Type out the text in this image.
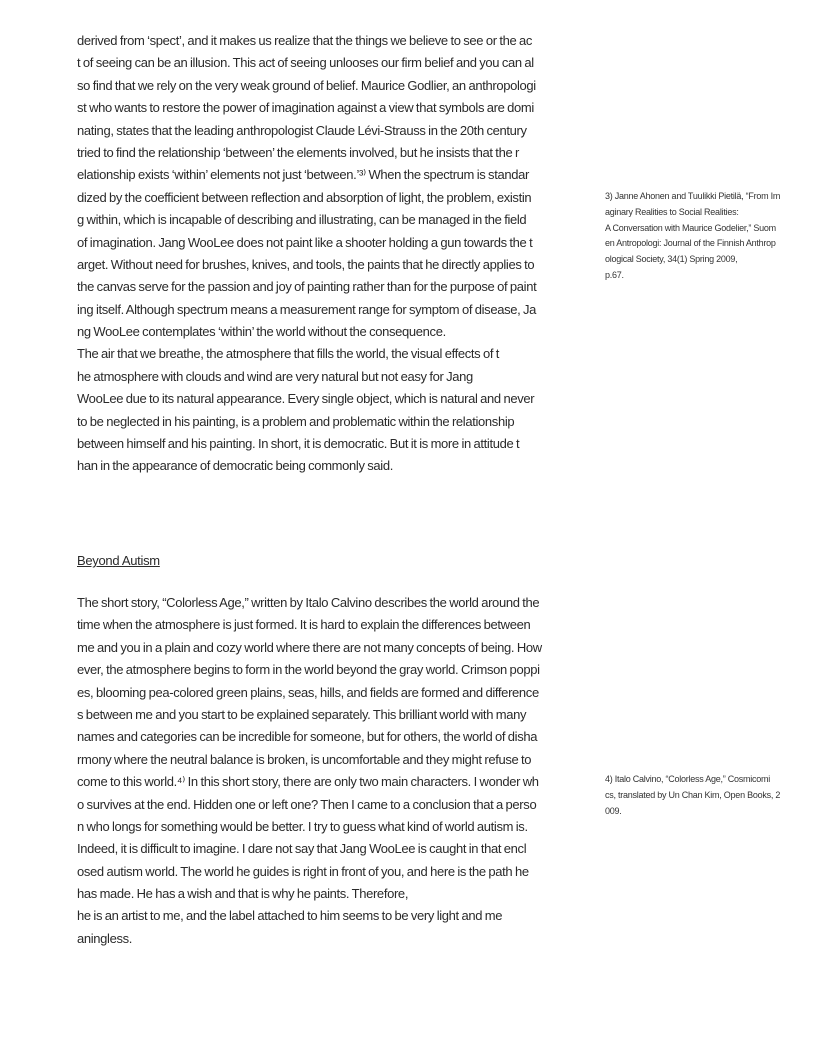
derived from ‘spect’, and it makes us realize that the things we believe to see or the ac
t of seeing can be an illusion. This act of seeing unlooses our firm belief and you can al
so find that we rely on the very weak ground of belief. Maurice Godlier, an anthropologi
st who wants to restore the power of imagination against a view that symbols are domi
nating, states that the leading anthropologist Claude Lévi-Strauss in the 20th century
tried to find the relationship ‘between’ the elements involved, but he insists that the r
elationship exists ‘within’ elements not just ‘between.’³⁾ When the spectrum is standar
dized by the coefficient between reflection and absorption of light, the problem, existin
g within, which is incapable of describing and illustrating, can be managed in the field
of imagination. Jang WooLee does not paint like a shooter holding a gun towards the t
arget. Without need for brushes, knives, and tools, the paints that he directly applies to
the canvas serve for the passion and joy of painting rather than for the purpose of paint
ing itself. Although spectrum means a measurement range for symptom of disease, Ja
ng WooLee contemplates ‘within’ the world without the consequence.
The air that we breathe, the atmosphere that fills the world, the visual effects of t
he atmosphere with clouds and wind are very natural but not easy for Jang
WooLee due to its natural appearance. Every single object, which is natural and never
to be neglected in his painting, is a problem and problematic within the relationship
between himself and his painting. In short, it is democratic. But it is more in attitude t
han in the appearance of democratic being commonly said.
Beyond Autism
The short story, “Colorless Age,” written by Italo Calvino describes the world around the
time when the atmosphere is just formed. It is hard to explain the differences between
me and you in a plain and cozy world where there are not many concepts of being. How
ever, the atmosphere begins to form in the world beyond the gray world. Crimson poppi
es, blooming pea-colored green plains, seas, hills, and fields are formed and difference
s between me and you start to be explained separately. This brilliant world with many
names and categories can be incredible for someone, but for others, the world of disha
rmony where the neutral balance is broken, is uncomfortable and they might refuse to
come to this world.⁴⁾ In this short story, there are only two main characters. I wonder wh
o survives at the end. Hidden one or left one? Then I came to a conclusion that a perso
n who longs for something would be better. I try to guess what kind of world autism is.
Indeed, it is difficult to imagine. I dare not say that Jang WooLee is caught in that encl
osed autism world. The world he guides is right in front of you, and here is the path he
has made. He has a wish and that is why he paints. Therefore,
he is an artist to me, and the label attached to him seems to be very light and me
aningless.
3) Janne Ahonen and Tuulikki Pietilä, “From Im
aginary Realities to Social Realities:
A Conversation with Maurice Godelier,” Suom
en Antropologi: Journal of the Finnish Anthrop
ological Society, 34(1) Spring 2009,
p.67.
4) Italo Calvino, “Colorless Age,” Cosmicomi
cs, translated by Un Chan Kim, Open Books, 2
009.
